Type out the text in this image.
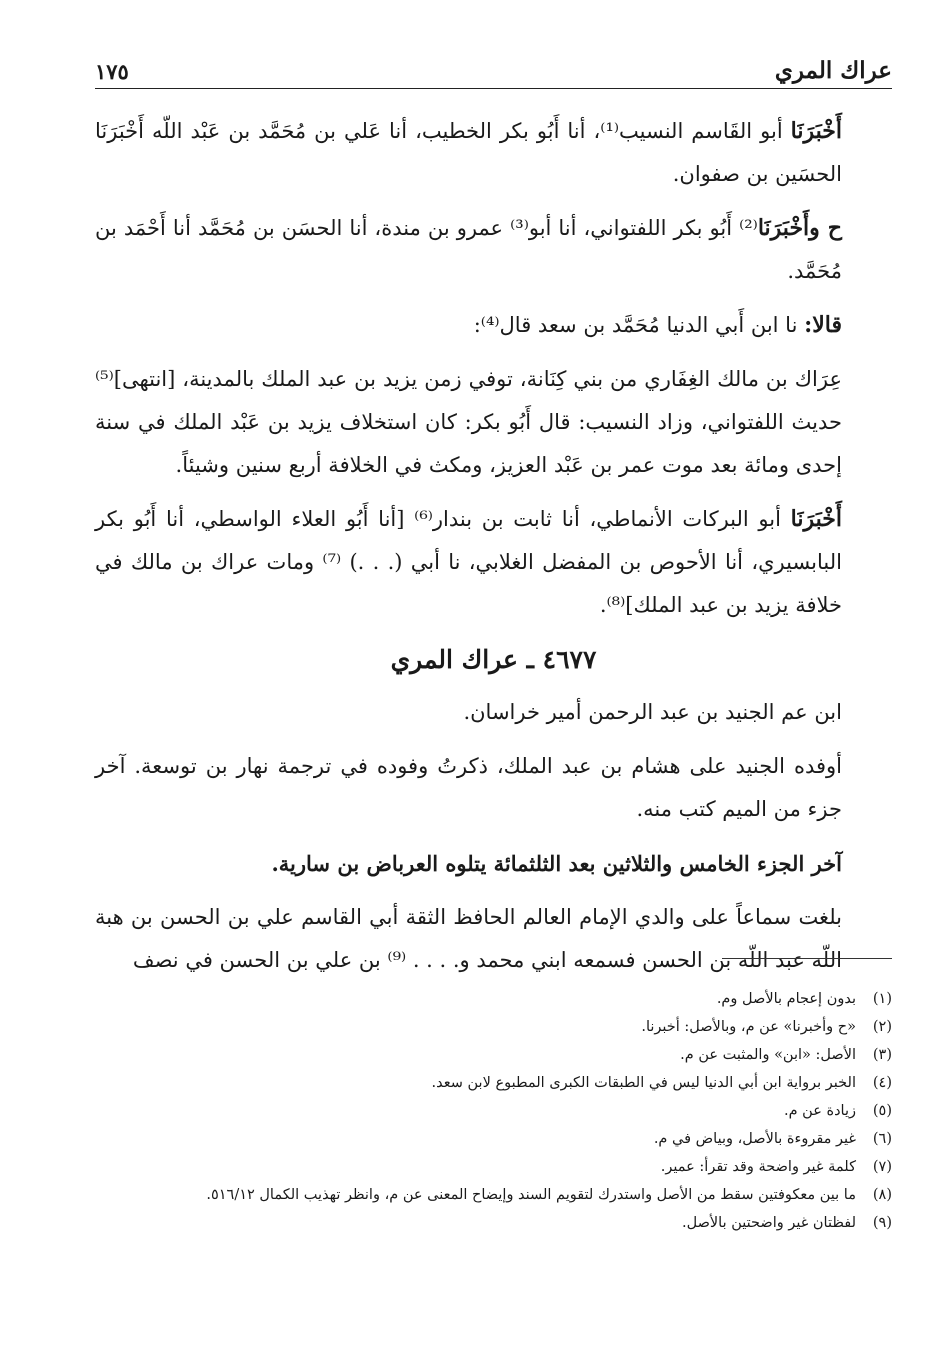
عراك المري
١٧٥

أَخْبَرَنَا أبو القَاسم النسيب⁽¹⁾، أنا أَبُو بكر الخطيب، أنا عَلي بن مُحَمَّد بن عَبْد اللّه أَخْبَرَنَا الحسَين بن صفوان.

ح وأَخْبَرَنَا⁽²⁾ أَبُو بكر اللفتواني، أنا أبو⁽³⁾ عمرو بن مندة، أنا الحسَن بن مُحَمَّد أنا أَحْمَد بن مُحَمَّد.

قالا: نا ابن أَبي الدنيا مُحَمَّد بن سعد قال⁽⁴⁾:

عِرَاك بن مالك الغِفَاري من بني كِنَانة، توفي زمن يزيد بن عبد الملك بالمدينة، [انتهى]⁽⁵⁾ حديث اللفتواني، وزاد النسيب: قال أَبُو بكر: كان استخلاف يزيد بن عَبْد الملك في سنة إحدى ومائة بعد موت عمر بن عَبْد العزيز، ومكث في الخلافة أربع سنين وشيئاً.

أَخْبَرَنَا أبو البركات الأنماطي، أنا ثابت بن بندار⁽⁶⁾ [أنا أَبُو العلاء الواسطي، أنا أَبُو بكر البابسيري، أنا الأحوص بن المفضل الغلابي، نا أبي (. . .) ⁽⁷⁾ ومات عراك بن مالك في خلافة يزيد بن عبد الملك]⁽⁸⁾.

٤٦٧٧ ـ عراك المري

ابن عم الجنيد بن عبد الرحمن أمير خراسان.

أوفده الجنيد على هشام بن عبد الملك، ذكرتُ وفوده في ترجمة نهار بن توسعة. آخر جزء من الميم كتب منه.

آخر الجزء الخامس والثلاثين بعد الثلثمائة يتلوه العرباض بن سارية.

بلغت سماعاً على والدي الإمام العالم الحافظ الثقة أبي القاسم علي بن الحسن بن هبة اللّه عبد اللّه بن الحسن فسمعه ابني محمد و. . . . ⁽⁹⁾ بن علي بن الحسن في نصف

(١)
بدون إعجام بالأصل وم.
(٢)
«ح وأخبرنا» عن م، وبالأصل: أخبرنا.
(٣)
الأصل: «ابن» والمثبت عن م.
(٤)
الخبر برواية ابن أبي الدنيا ليس في الطبقات الكبرى المطبوع لابن سعد.
(٥)
زيادة عن م.
(٦)
غير مقروءة بالأصل، وبياض في م.
(٧)
كلمة غير واضحة وقد تقرأ: عمير.
(٨)
ما بين معكوفتين سقط من الأصل واستدرك لتقويم السند وإيضاح المعنى عن م، وانظر تهذيب الكمال ٥١٦/١٢.
(٩)
لفظتان غير واضحتين بالأصل.
